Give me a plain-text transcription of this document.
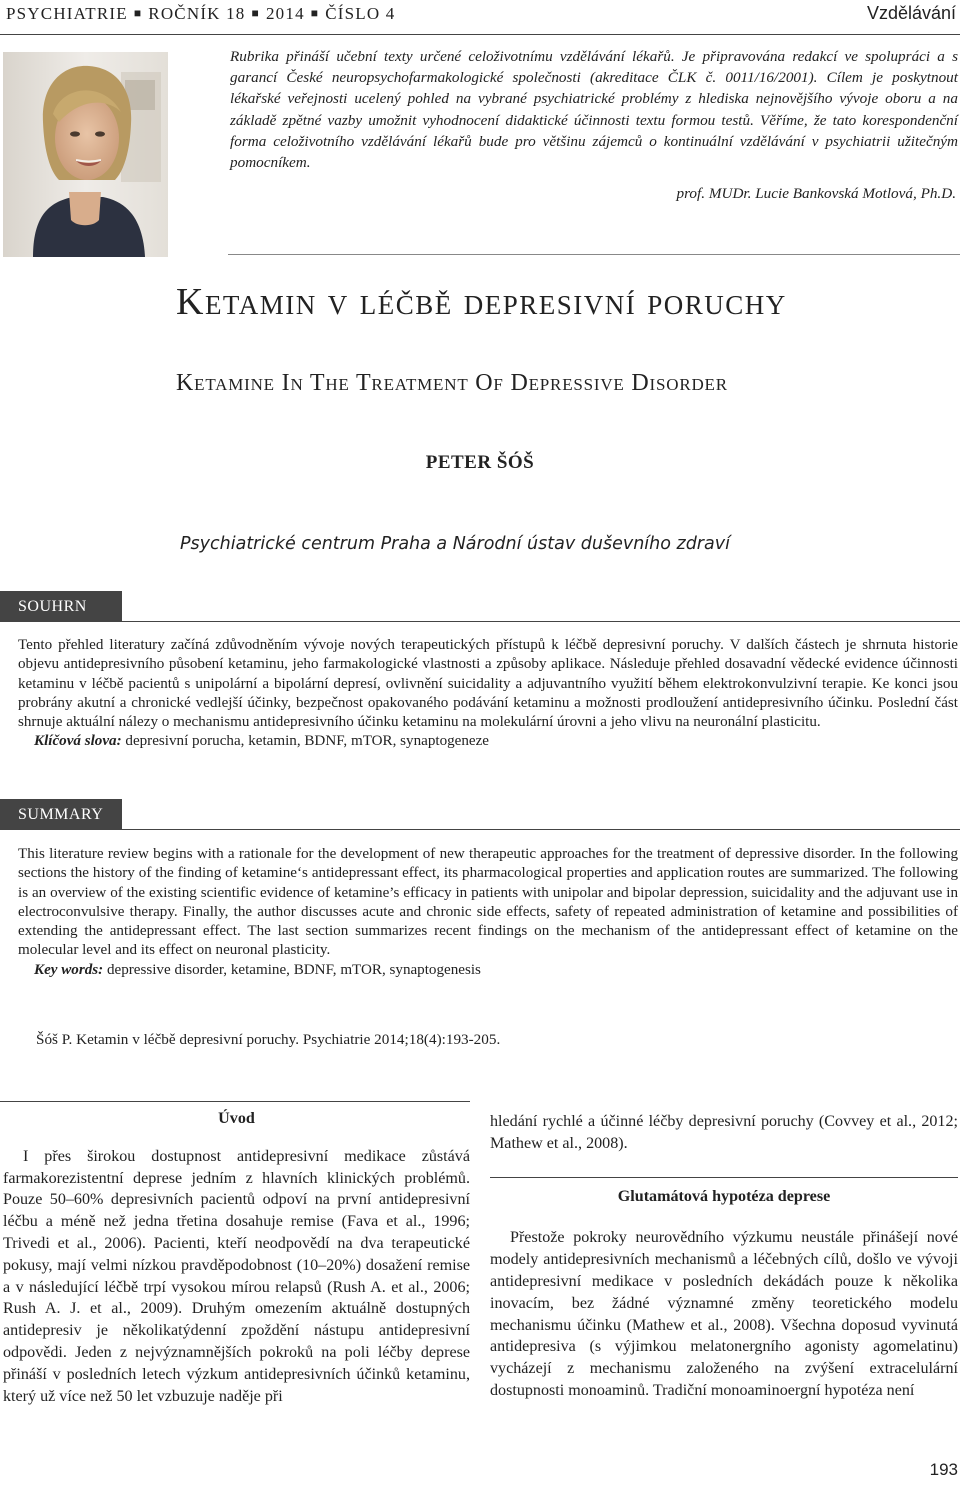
PSYCHIATRIE ■ ROČNÍK 18 ■ 2014 ■ ČÍSLO 4	Vzdělávání
Rubrika přináší učební texty určené celoživotnímu vzdělávání lékařů. Je připravována redakcí ve spolupráci a s garancí České neuropsychofarmakologické společnosti (akreditace ČLK č. 0011/16/2001). Cílem je poskytnout lékařské veřejnosti ucelený pohled na vybrané psychiatrické problémy z hlediska nejnovějšího vývoje oboru a na základě zpětné vazby umožnit vyhodnocení didaktické účinnosti textu formou testů. Věříme, že tato korespondenční forma celoživotního vzdělávání lékařů bude pro většinu zájemců o kontinuální vzdělávání v psychiatrii užitečným pomocníkem.
prof. MUDr. Lucie Bankovská Motlová, Ph.D.
Ketamin v léčbě depresivní poruchy
Ketamine In The Treatment Of Depressive Disorder
PETER ŠÓŠ
Psychiatrické centrum Praha a Národní ústav duševního zdraví
SOUHRN

Tento přehled literatury začíná zdůvodněním vývoje nových terapeutických přístupů k léčbě depresivní poruchy. V dalších částech je shrnuta historie objevu antidepresivního působení ketaminu, jeho farmakologické vlastnosti a způsoby aplikace. Následuje přehled dosavadní vědecké evidence účinnosti ketaminu v léčbě pacientů s unipolární a bipolární depresí, ovlivnění suicidality a adjuvantního využití během elektrokonvulzivní terapie. Ke konci jsou probrány akutní a chronické vedlejší účinky, bezpečnost opakovaného podávání ketaminu a možnosti prodloužení antidepresivního účinku. Poslední část shrnuje aktuální nálezy o mechanismu antidepresivního účinku ketaminu na molekulární úrovni a jeho vlivu na neuronální plasticitu.

Klíčová slova: depresivní porucha, ketamin, BDNF, mTOR, synaptogeneze

SUMMARY

This literature review begins with a rationale for the development of new therapeutic approaches for the treatment of depressive disorder. In the following sections the history of the finding of ketamine‘s antidepressant effect, its pharmacological properties and application routes are summarized. The following is an overview of the existing scientific evidence of ketamine’s efficacy in patients with unipolar and bipolar depression, suicidality and the adjuvant use in electroconvulsive therapy. Finally, the author discusses acute and chronic side effects, safety of repeated administration of ketamine and possibilities of extending the antidepressant effect. The last section summarizes recent findings on the mechanism of the antidepressant effect of ketamine on the molecular level and its effect on neuronal plasticity.

Key words: depressive disorder, ketamine, BDNF, mTOR, synaptogenesis

Šóš P. Ketamin v léčbě depresivní poruchy. Psychiatrie 2014;18(4):193-205.
Úvod

I přes širokou dostupnost antidepresivní medikace zůstává farmakorezistentní deprese jedním z hlavních klinických problémů. Pouze 50–60% depresivních pacientů odpoví na první antidepresivní léčbu a méně než jedna třetina dosahuje remise (Fava et al., 1996; Trivedi et al., 2006). Pacienti, kteří neodpovědí na dva terapeutické pokusy, mají velmi nízkou pravděpodobnost (10–20%) dosažení remise a v následující léčbě trpí vysokou mírou relapsů (Rush A. et al., 2006; Rush A. J. et al., 2009). Druhým omezením aktuálně dostupných antidepresiv je několikatýdenní zpoždění nástupu antidepresivní odpovědi. Jeden z nejvýznamnějších pokroků na poli léčby deprese přináší v posledních letech výzkum antidepresivních účinků ketaminu, který už více než 50 let vzbuzuje naděje při

hledání rychlé a účinné léčby depresivní poruchy (Covvey et al., 2012; Mathew et al., 2008).

Glutamátová hypotéza deprese

Přestože pokroky neurovědního výzkumu neustále přinášejí nové modely antidepresivních mechanismů a léčebných cílů, došlo ve vývoji antidepresivní medikace v posledních dekádách pouze k několika inovacím, bez žádné významné změny teoretického modelu mechanismu účinku (Mathew et al., 2008). Všechna doposud vyvinutá antidepresiva (s výjimkou melatonergního agonisty agomelatinu) vycházejí z mechanismu založeného na zvýšení extracelulární dostupnosti monoaminů. Tradiční monoaminoergní hypotéza není

193
